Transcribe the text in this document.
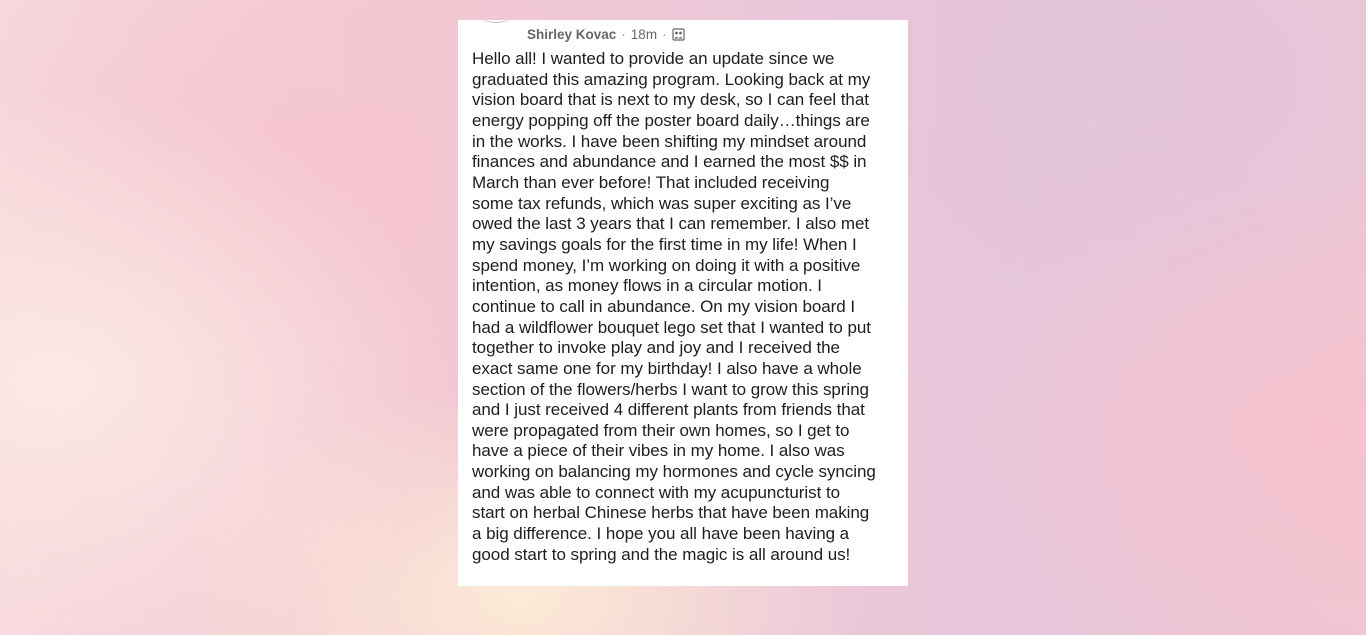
Shirley Kovac · 18m ·
Hello all! I wanted to provide an update since we
graduated this amazing program. Looking back at my
vision board that is next to my desk, so I can feel that
energy popping off the poster board daily…things are
in the works. I have been shifting my mindset around
finances and abundance and I earned the most $$ in
March than ever before! That included receiving
some tax refunds, which was super exciting as I’ve
owed the last 3 years that I can remember. I also met
my savings goals for the first time in my life! When I
spend money, I’m working on doing it with a positive
intention, as money flows in a circular motion. I
continue to call in abundance. On my vision board I
had a wildflower bouquet lego set that I wanted to put
together to invoke play and joy and I received the
exact same one for my birthday! I also have a whole
section of the flowers/herbs I want to grow this spring
and I just received 4 different plants from friends that
were propagated from their own homes, so I get to
have a piece of their vibes in my home. I also was
working on balancing my hormones and cycle syncing
and was able to connect with my acupuncturist to
start on herbal Chinese herbs that have been making
a big difference. I hope you all have been having a
good start to spring and the magic is all around us!
